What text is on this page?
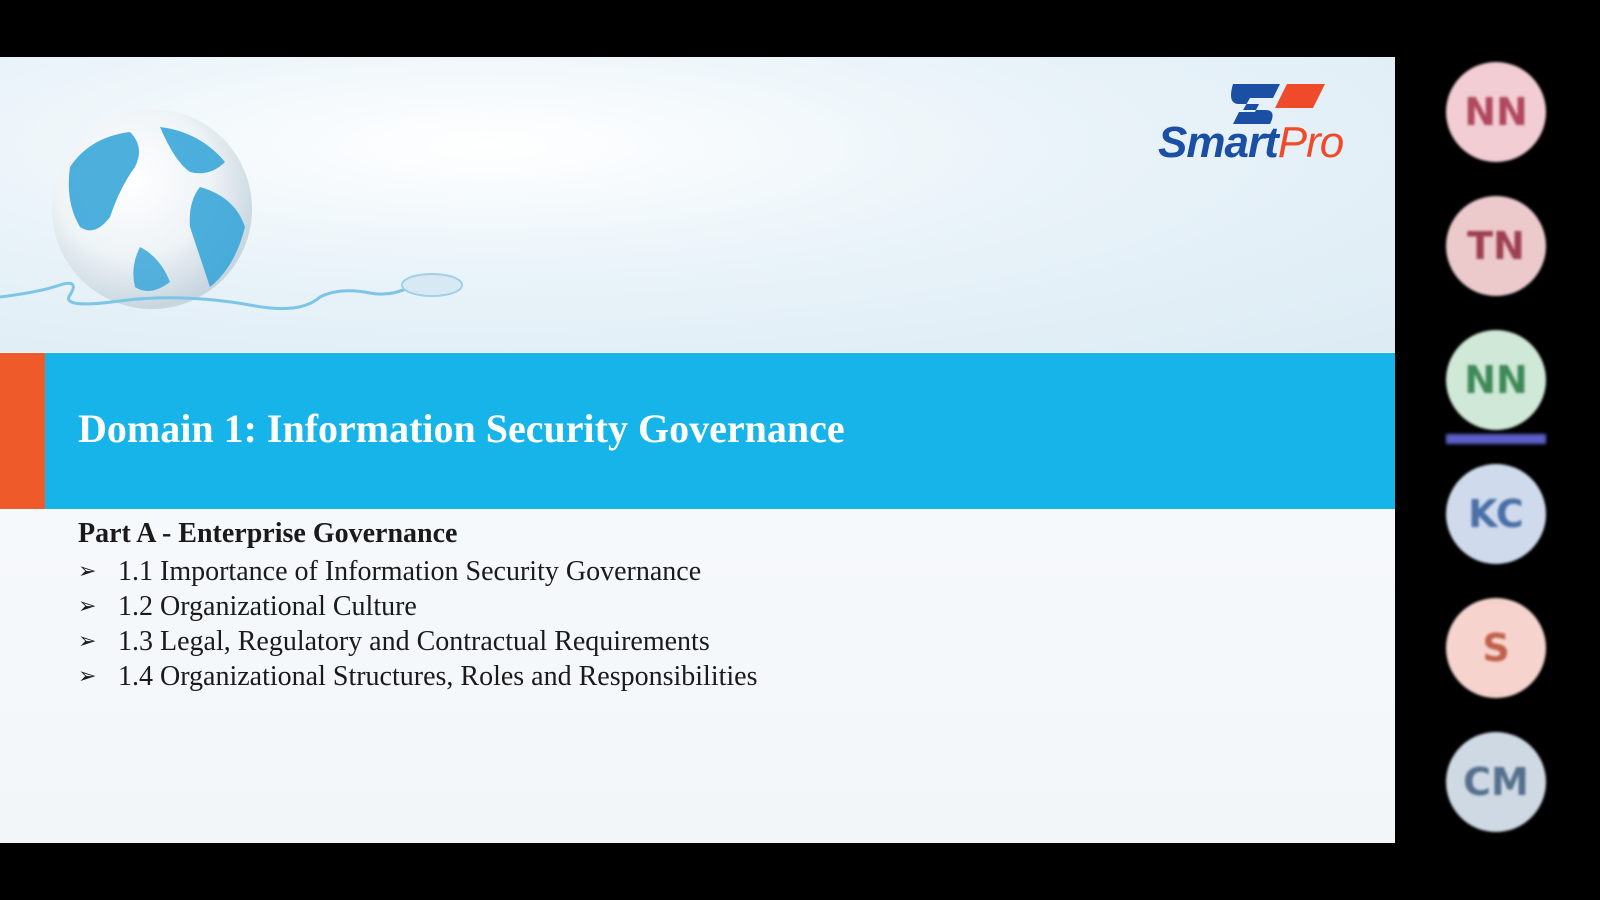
SmartPro
Domain 1: Information Security Governance
Part A - Enterprise Governance
➢ 1.1 Importance of Information Security Governance
➢ 1.2 Organizational Culture
➢ 1.3 Legal, Regulatory and Contractual Requirements
➢ 1.4 Organizational Structures, Roles and Responsibilities
NN

TN

NN

KC

S

CM
